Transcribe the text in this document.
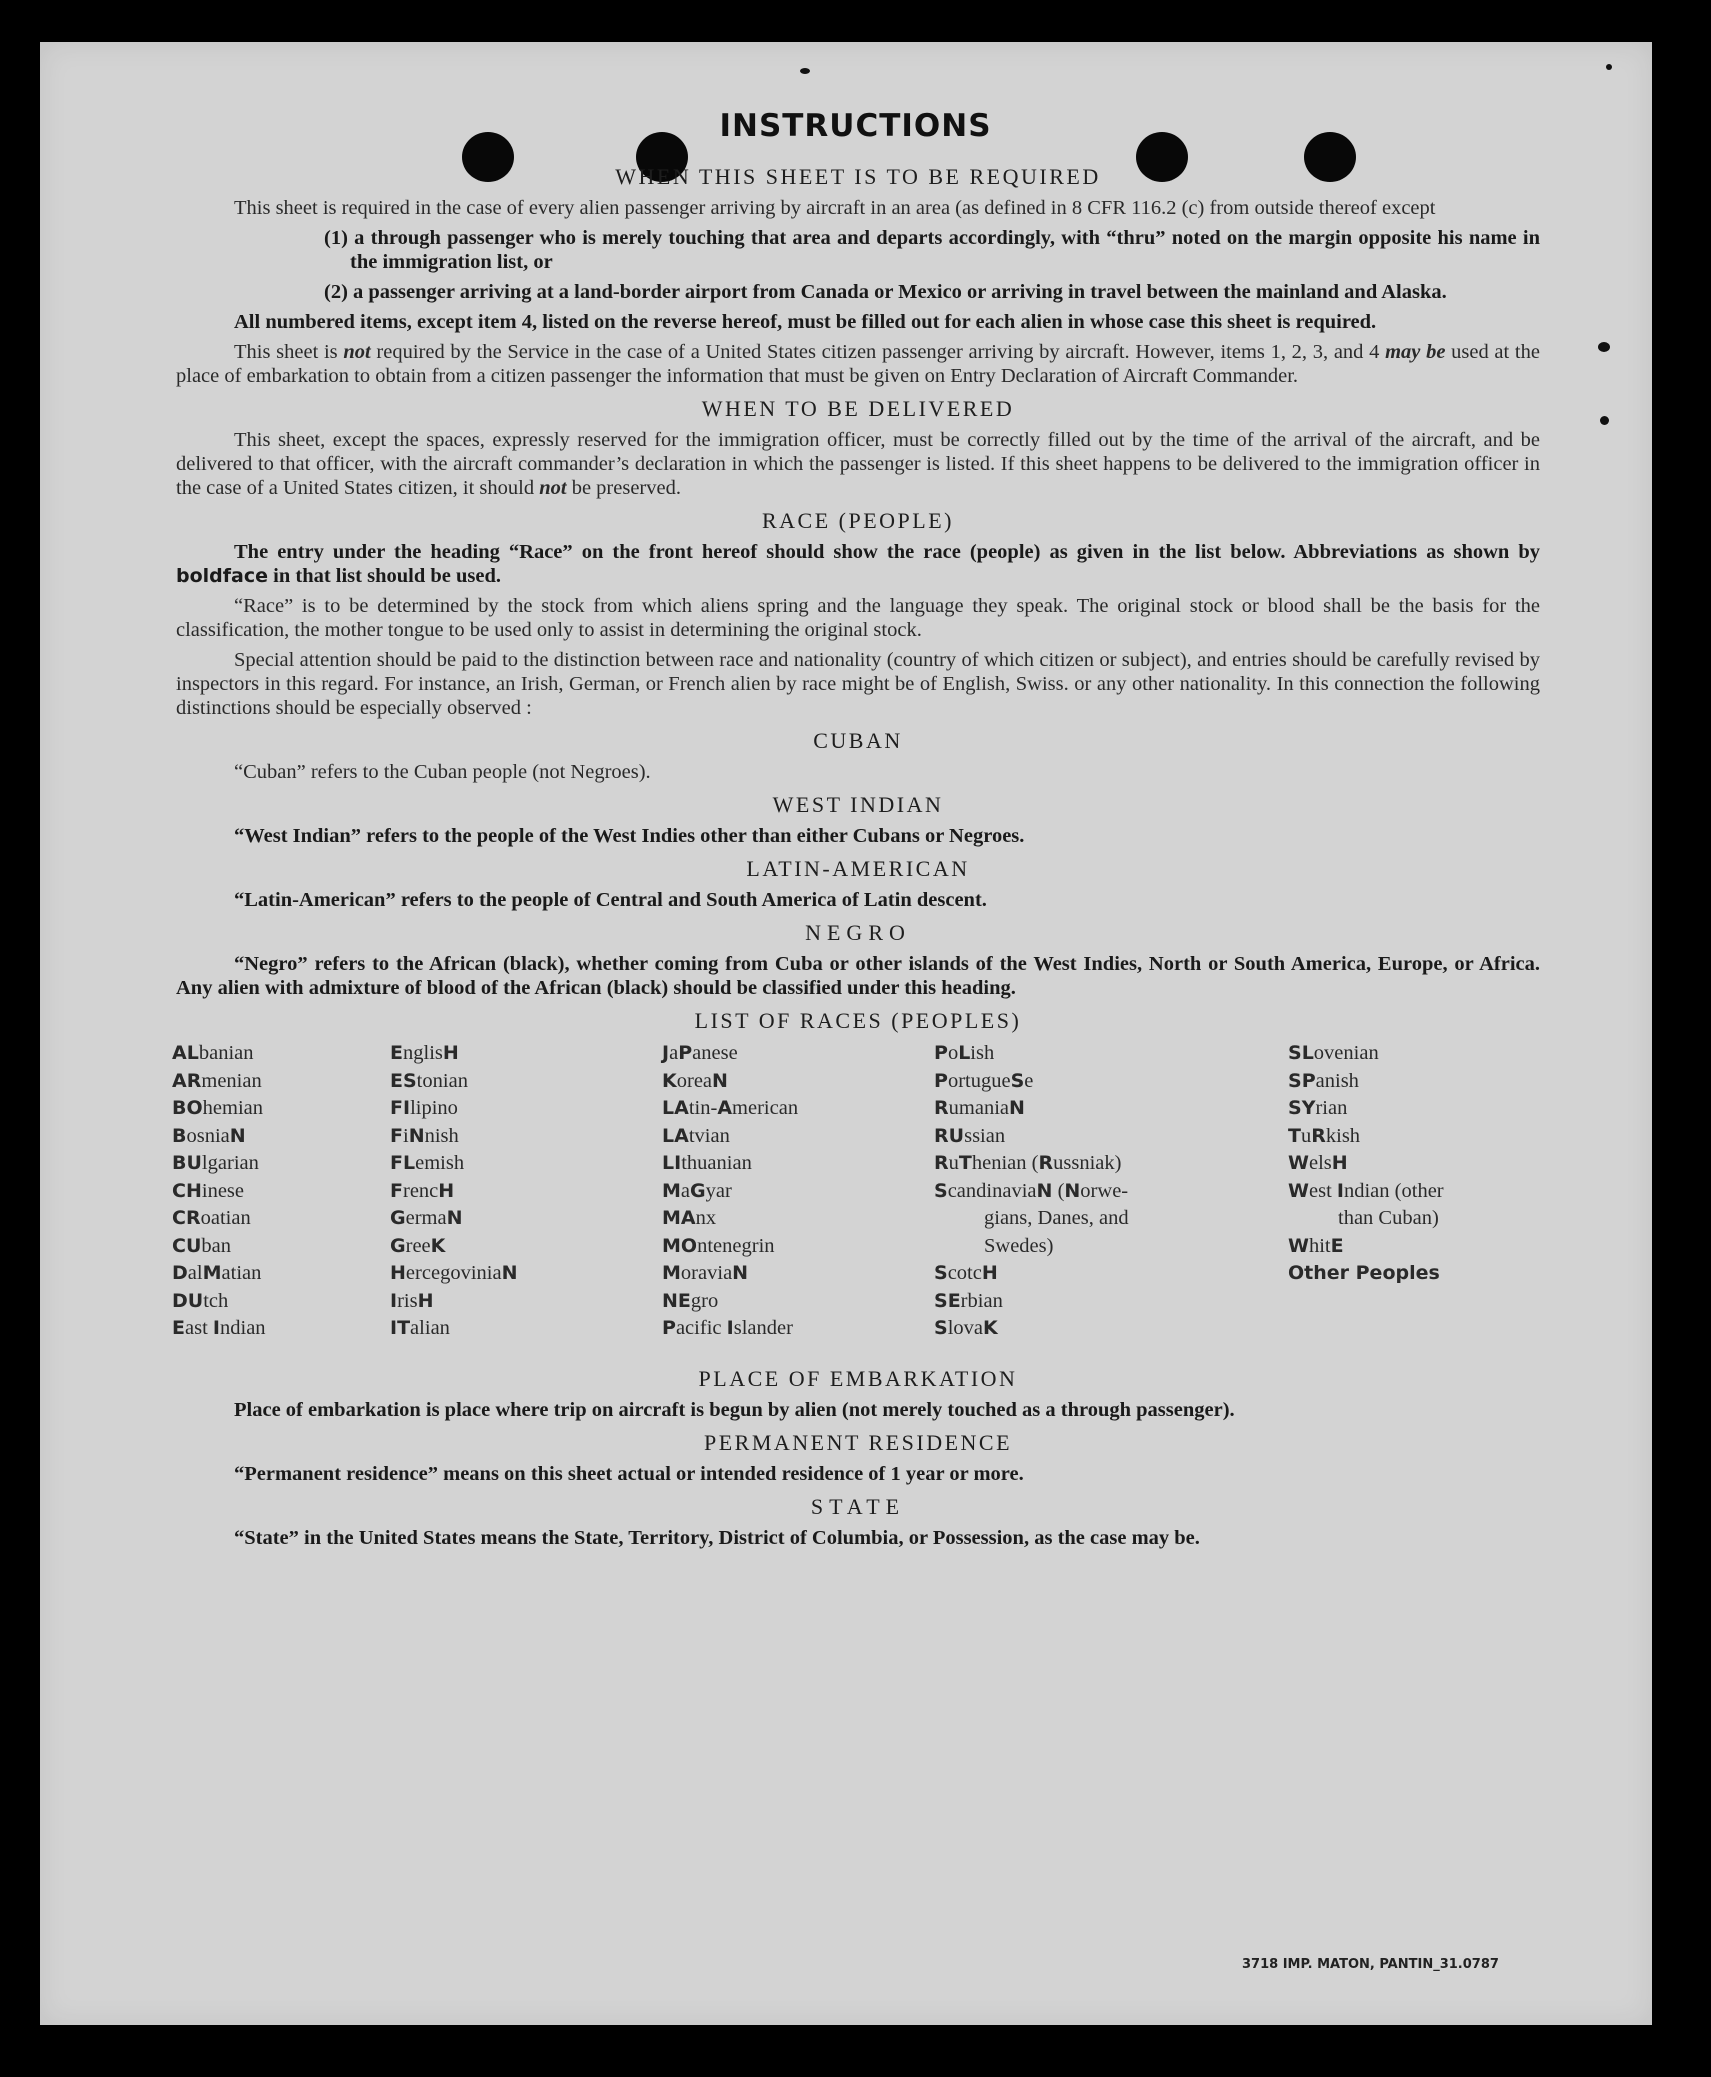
INSTRUCTIONS
WHEN THIS SHEET IS TO BE REQUIRED

This sheet is required in the case of every alien passenger arriving by aircraft in an area (as defined in 8 CFR 116.2 (c) from outside thereof except

(1) a through passenger who is merely touching that area and departs accordingly, with “thru” noted on the margin opposite his name in the immigration list, or

(2) a passenger arriving at a land-border airport from Canada or Mexico or arriving in travel between the mainland and Alaska.

All numbered items, except item 4, listed on the reverse hereof, must be filled out for each alien in whose case this sheet is required.

This sheet is not required by the Service in the case of a United States citizen passenger arriving by aircraft. However, items 1, 2, 3, and 4 may be used at the place of embarkation to obtain from a citizen passenger the information that must be given on Entry Declaration of Aircraft Commander.

WHEN TO BE DELIVERED

This sheet, except the spaces, expressly reserved for the immigration officer, must be correctly filled out by the time of the arrival of the aircraft, and be delivered to that officer, with the aircraft commander’s declaration in which the passenger is listed. If this sheet happens to be delivered to the immigration officer in the case of a United States citizen, it should not be preserved.

RACE (PEOPLE)

The entry under the heading “Race” on the front hereof should show the race (people) as given in the list below. Abbreviations as shown by boldface in that list should be used.

“Race” is to be determined by the stock from which aliens spring and the language they speak. The original stock or blood shall be the basis for the classification, the mother tongue to be used only to assist in determining the original stock.

Special attention should be paid to the distinction between race and nationality (country of which citizen or subject), and entries should be carefully revised by inspectors in this regard. For instance, an Irish, German, or French alien by race might be of English, Swiss. or any other nationality. In this connection the following distinctions should be especially observed :

CUBAN

“Cuban” refers to the Cuban people (not Negroes).

WEST INDIAN

“West Indian” refers to the people of the West Indies other than either Cubans or Negroes.

LATIN-AMERICAN

“Latin-American” refers to the people of Central and South America of Latin descent.

NEGRO

“Negro” refers to the African (black), whether coming from Cuba or other islands of the West Indies, North or South America, Europe, or Africa. Any alien with admixture of blood of the African (black) should be classified under this heading.

LIST OF RACES (PEOPLES)
ALbanian
ARmenian
BOhemian
BosniaN
BUlgarian
CHinese
CRoatian
CUban
DalMatian
DUtch
East Indian
EnglisH
EStonian
FIlipino
FiNnish
FLemish
FrencH
GermaN
GreeK
HercegoviniaN
IrisH
ITalian
JaPanese
KoreaN
LAtin-American
LAtvian
LIthuanian
MaGyar
MAnx
MOntenegrin
MoraviaN
NEgro
Pacific Islander
PoLish
PortugueSe
RumaniaN
RUssian
RuThenian (Russniak)
ScandinaviaN (Norwe-
gians, Danes, and
Swedes)
ScotcH
SErbian
SlovaK
SLovenian
SPanish
SYrian
TuRkish
WelsH
West Indian (other
than Cuban)
WhitE
Other Peoples
PLACE OF EMBARKATION

Place of embarkation is place where trip on aircraft is begun by alien (not merely touched as a through passenger).

PERMANENT RESIDENCE

“Permanent residence” means on this sheet actual or intended residence of 1 year or more.

STATE

“State” in the United States means the State, Territory, District of Columbia, or Possession, as the case may be.

3718 IMP. MATON, PANTIN_31.0787
